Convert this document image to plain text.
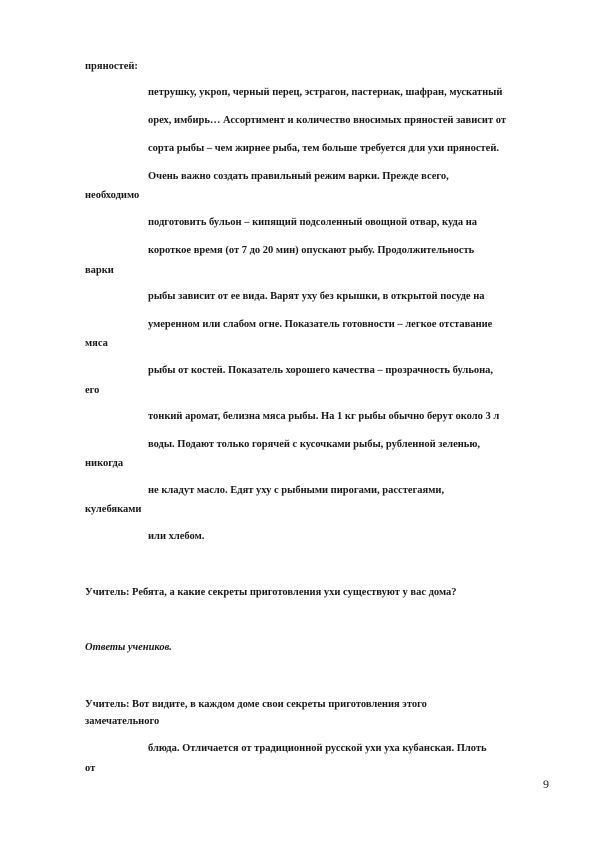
пряностей:

петрушку, укроп, черный перец, эстрагон, пастернак, шафран, мускатный

орех, имбирь… Ассортимент и количество вносимых пряностей зависит от

сорта рыбы – чем жирнее рыба, тем больше требуется для ухи пряностей.

Очень важно создать правильный режим варки. Прежде всего,

необходимо

подготовить бульон – кипящий подсоленный овощной отвар, куда на

короткое время (от 7 до 20 мин) опускают рыбу. Продолжительность

варки

рыбы зависит от ее вида. Варят уху без крышки, в открытой посуде на

умеренном или слабом огне. Показатель готовности – легкое отставание

мяса

рыбы от костей. Показатель хорошего качества – прозрачность бульона,

его

тонкий аромат, белизна мяса рыбы. На 1 кг рыбы обычно берут около 3 л

воды. Подают только горячей с кусочками рыбы, рубленной зеленью,

никогда

не кладут масло. Едят уху с рыбными пирогами, расстегаями,

кулебяками

или хлебом.

Учитель: Ребята, а какие секреты приготовления ухи существуют у вас дома?

Ответы учеников.

Учитель: Вот видите, в каждом доме свои секреты приготовления этого

замечательного

блюда. Отличается от традиционной русской ухи уха кубанская. Плоть

от

9
